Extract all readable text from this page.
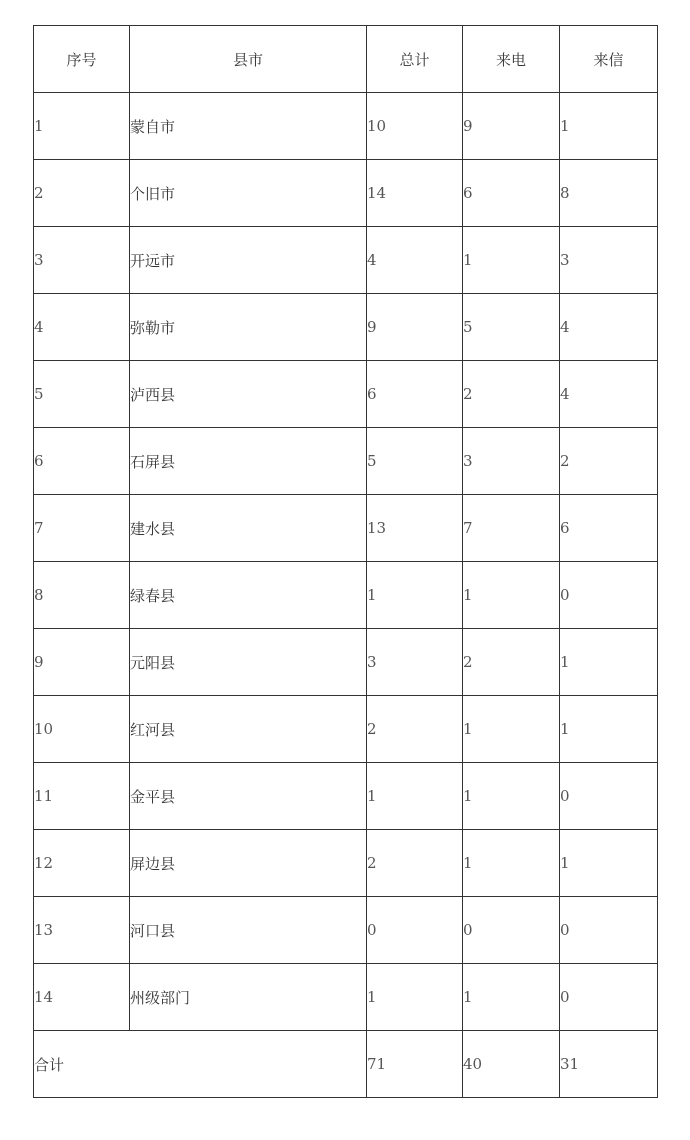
序号	县市	总计	来电	来信
1	蒙自市	10	9	1
2	个旧市	14	6	8
3	开远市	4	1	3
4	弥勒市	9	5	4
5	泸西县	6	2	4
6	石屏县	5	3	2
7	建水县	13	7	6
8	绿春县	1	1	0
9	元阳县	3	2	1
10	红河县	2	1	1
11	金平县	1	1	0
12	屏边县	2	1	1
13	河口县	0	0	0
14	州级部门	1	1	0
合计		71	40	31
